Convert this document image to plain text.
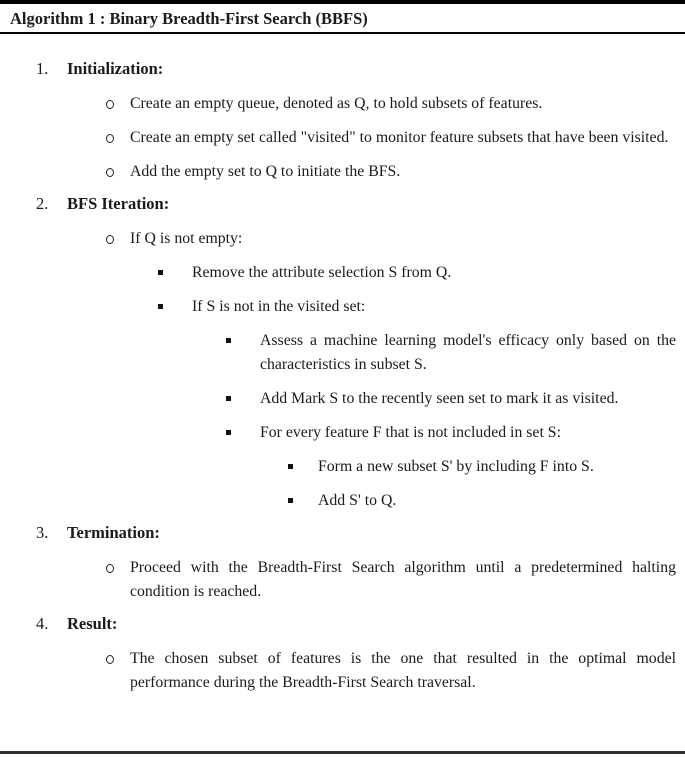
Algorithm 1 : Binary Breadth-First Search (BBFS)
1. Initialization:
Create an empty queue, denoted as Q, to hold subsets of features.
Create an empty set called "visited" to monitor feature subsets that have been visited.
Add the empty set to Q to initiate the BFS.
2. BFS Iteration:
If Q is not empty:
Remove the attribute selection S from Q.
If S is not in the visited set:
Assess a machine learning model's efficacy only based on the characteristics in subset S.
Add Mark S to the recently seen set to mark it as visited.
For every feature F that is not included in set S:
Form a new subset S' by including F into S.
Add S' to Q.
3. Termination:
Proceed with the Breadth-First Search algorithm until a predetermined halting condition is reached.
4. Result:
The chosen subset of features is the one that resulted in the optimal model performance during the Breadth-First Search traversal.
